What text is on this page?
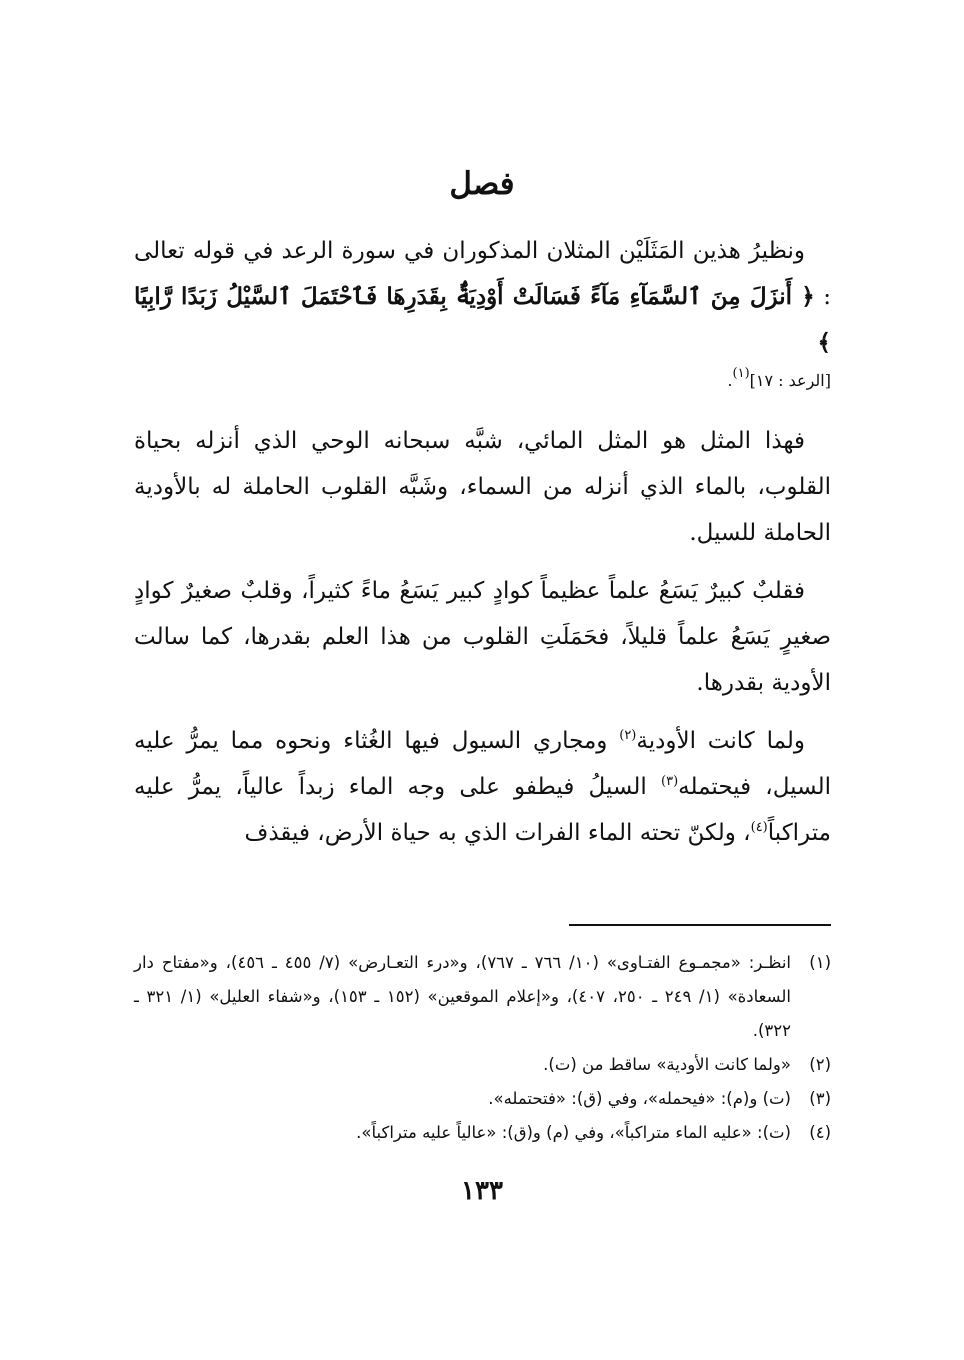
فصل

ونظيرُ هذين المَثَلَيْن المثلان المذكوران في سورة الرعد في قوله تعالى : ﴿ أَنزَلَ مِنَ ٱلسَّمَآءِ مَآءً فَسَالَتْ أَوْدِيَةٌۢ بِقَدَرِهَا فَٱحْتَمَلَ ٱلسَّيْلُ زَبَدًا رَّابِيًا ﴾

[الرعد : ١٧]$^{(١)}$.

فهذا المثل هو المثل المائي، شبَّه سبحانه الوحي الذي أنزله بحياة القلوب، بالماء الذي أنزله من السماء، وشَبَّه القلوب الحاملة له بالأودية الحاملة للسيل.

فقلبٌ كبيرٌ يَسَعُ علماً عظيماً كوادٍ كبير يَسَعُ ماءً كثيراً، وقلبٌ صغيرٌ كوادٍ صغيرٍ يَسَعُ علماً قليلاً، فحَمَلَتِ القلوب من هذا العلم بقدرها، كما سالت الأودية بقدرها.

ولما كانت الأودية$^{(٢)}$ ومجاري السيول فيها الغُثاء ونحوه مما يمرُّ عليه السيل، فيحتمله$^{(٣)}$ السيلُ فيطفو على وجه الماء زبداً عالياً، يمرُّ عليه متراكباً$^{(٤)}$، ولكنّ تحته الماء الفرات الذي به حياة الأرض، فيقذف

(١)
انظـر: «مجمـوع الفتـاوى» (١٠/ ٧٦٦ ـ ٧٦٧)، و«درء التعـارض» (٧/ ٤٥٥ ـ ٤٥٦)، و«مفتاح دار السعادة» (١/ ٢٤٩ ـ ٢٥٠، ٤٠٧)، و«إعلام الموقعين» (١٥٢ ـ ١٥٣)، و«شفاء العليل» (١/ ٣٢١ ـ ٣٢٢).
(٢)
«ولما كانت الأودية» ساقط من (ت).
(٣)
(ت) و(م): «فيحمله»، وفي (ق): «فتحتمله».
(٤)
(ت): «عليه الماء متراكباً»، وفي (م) و(ق): «عالياً عليه متراكباً».
١٣٣
